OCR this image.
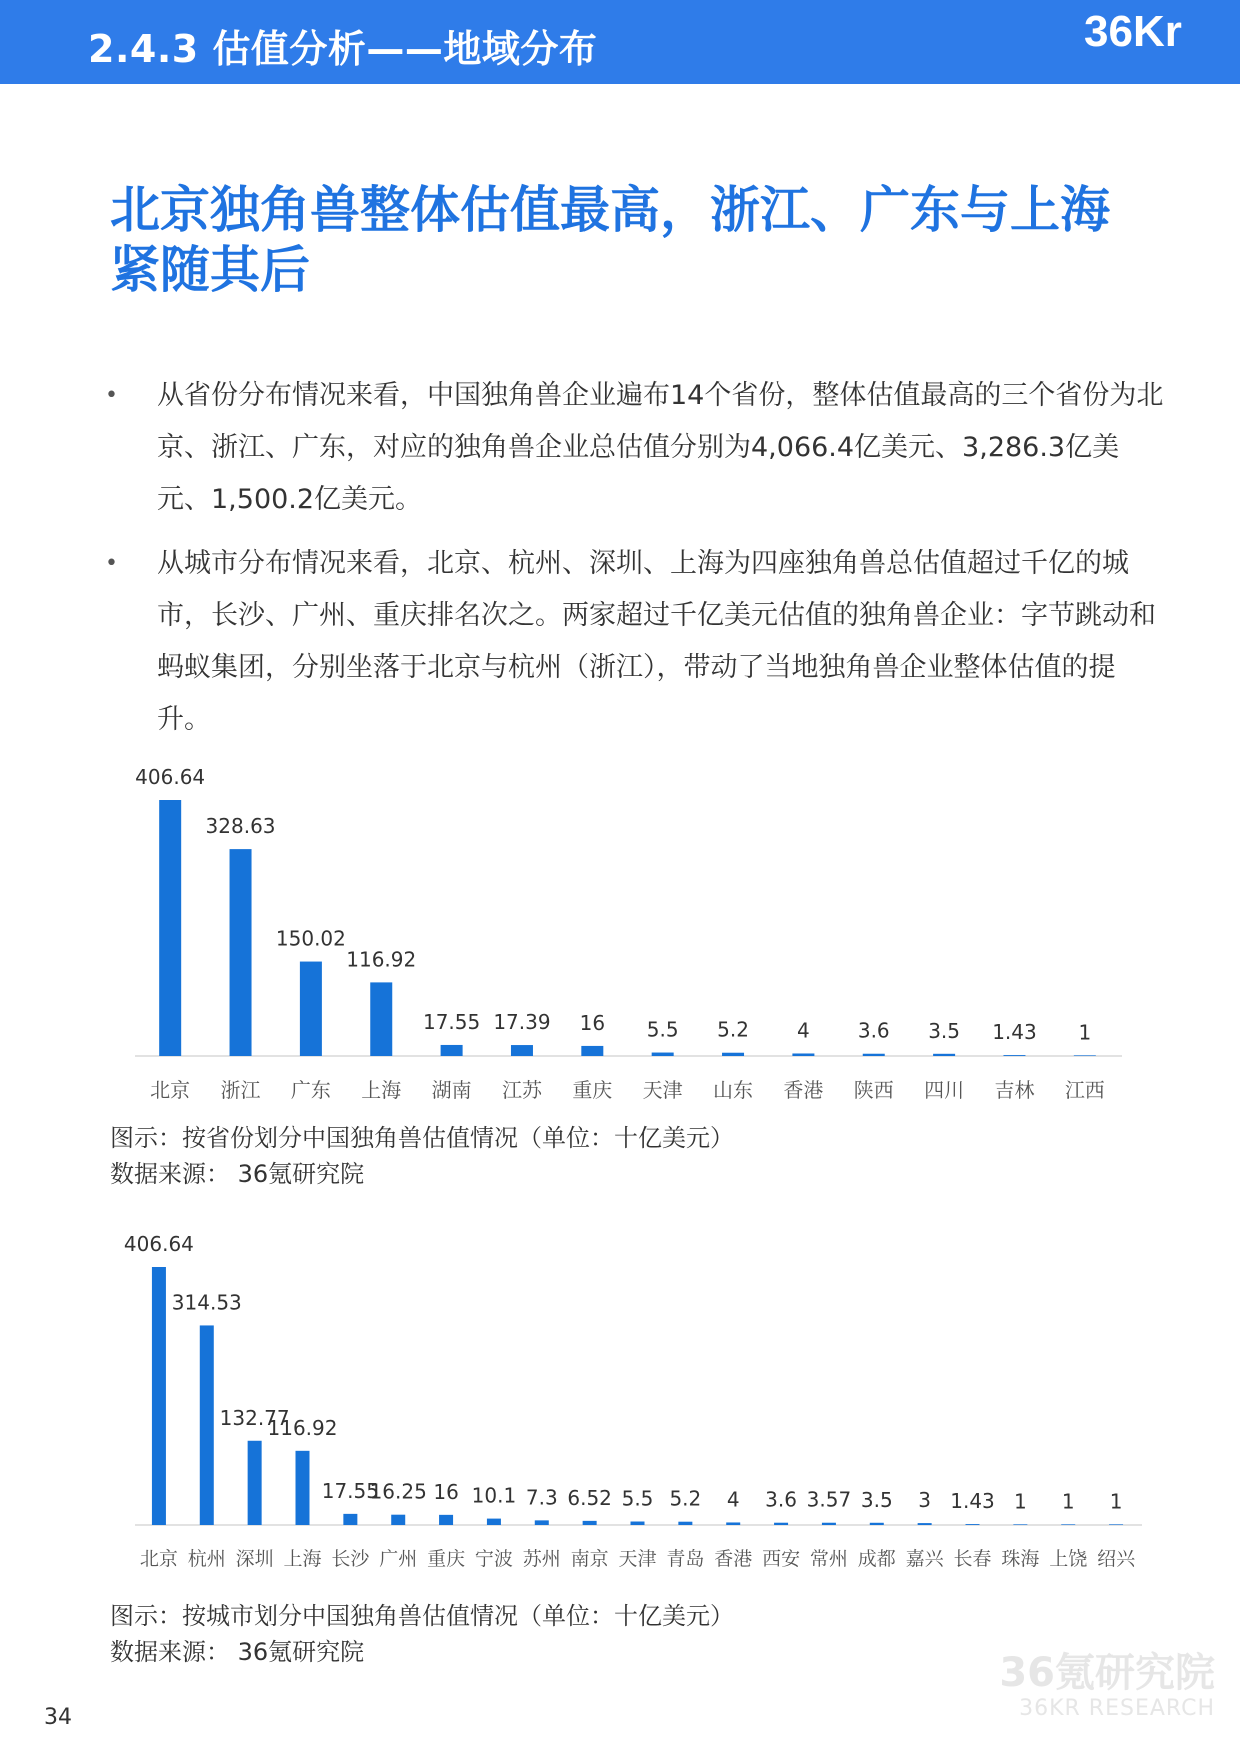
2.4.3 估值分析——地域分布	36Kr
北京独角兽整体估值最高，浙江、广东与上海
紧随其后
• 从省份分布情况来看，中国独角兽企业遍布14个省份，整体估值最高的三个省份为北京、浙江、广东，对应的独角兽企业总估值分别为4,066.4亿美元、3,286.3亿美元、1,500.2亿美元。
• 从城市分布情况来看，北京、杭州、深圳、上海为四座独角兽总估值超过千亿的城市，长沙、广州、重庆排名次之。两家超过千亿美元估值的独角兽企业：字节跳动和蚂蚁集团，分别坐落于北京与杭州（浙江），带动了当地独角兽企业整体估值的提升。
406.64
北京
328.63
浙江
150.02
广东
116.92
上海
17.55
湖南
17.39
江苏
16
重庆
5.5
天津
5.2
山东
4
香港
3.6
陕西
3.5
四川
1.43
吉林
1
江西
图示：按省份划分中国独角兽估值情况（单位：十亿美元）
数据来源： 36氪研究院
406.64
北京
314.53
杭州
132.77
深圳
116.92
上海
17.55
长沙
16.25
广州
16
重庆
10.1
宁波
7.3
苏州
6.52
南京
5.5
天津
5.2
青岛
4
香港
3.6
西安
3.57
常州
3.5
成都
3
嘉兴
1.43
长春
1
珠海
1
上饶
1
绍兴
图示：按城市划分中国独角兽估值情况（单位：十亿美元）
数据来源： 36氪研究院
34
36氪研究院
36KR RESEARCH
